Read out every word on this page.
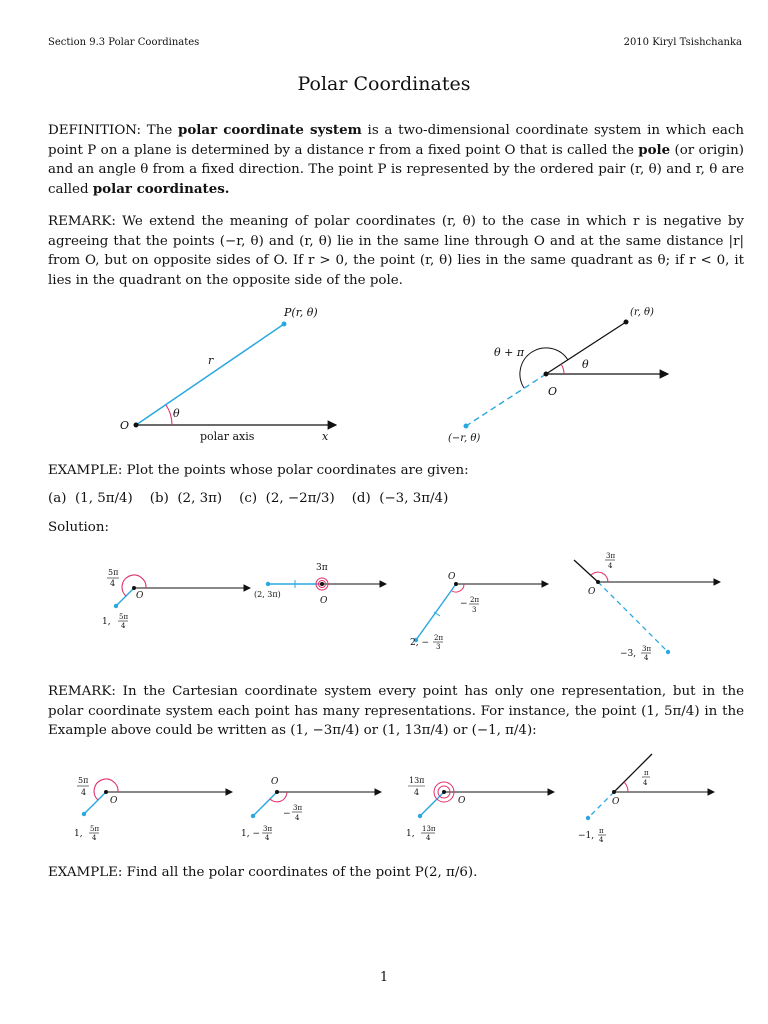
Section 9.3 Polar Coordinates	2010 Kiryl Tsishchanka
Polar Coordinates
DEFINITION: The polar coordinate system is a two-dimensional coordinate system in which each point P on a plane is determined by a distance r from a fixed point O that is called the pole (or origin) and an angle θ from a fixed direction. The point P is represented by the ordered pair (r, θ) and r, θ are called polar coordinates.
REMARK: We extend the meaning of polar coordinates (r, θ) to the case in which r is negative by agreeing that the points (−r, θ) and (r, θ) lie in the same line through O and at the same distance |r| from O, but on opposite sides of O. If r > 0, the point (r, θ) lies in the same quadrant as θ; if r < 0, it lies in the quadrant on the opposite side of the pole.
P(r, θ)
r
θ
O
polar axis	x
(r, θ)
θ + π
θ
O
(−r, θ)
EXAMPLE: Plot the points whose polar coordinates are given:
(a)  (1, 5π/4)    (b)  (2, 3π)    (c)  (2, −2π/3)    (d)  (−3, 3π/4)
Solution:
5π
4
O
1, 5π
4
3π
O
(2, 3π)
O
− 2π
3
2, − 2π
3
3π
4
O
−3, 3π
4
REMARK: In the Cartesian coordinate system every point has only one representation, but in the polar coordinate system each point has many representations. For instance, the point (1, 5π/4) in the Example above could be written as (1, −3π/4) or (1, 13π/4) or (−1, π/4):
5π
4
O
1, 5π
4
O
−
3π
4
1, − 3π
4
13π
4
O
1, 13π
4
π
4
O
−1, π
4
EXAMPLE: Find all the polar coordinates of the point P(2, π/6).
1
